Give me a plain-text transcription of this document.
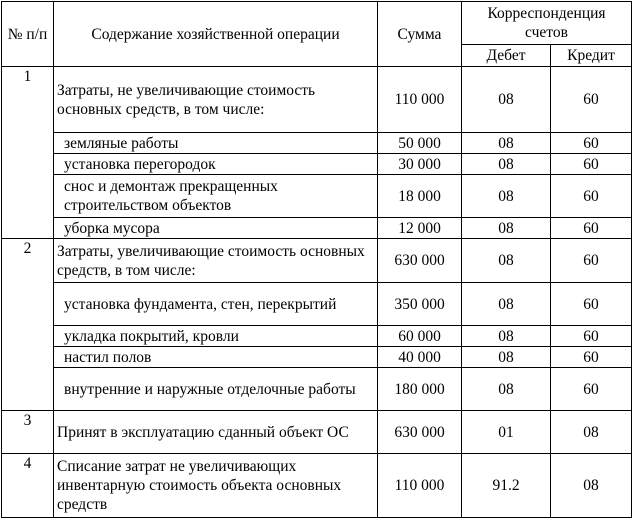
№ п/п	Содержание хозяйственной операции	Сумма	Корреспонденция счетов	
			Дебет	Кредит
1	Затраты, не увеличивающие стоимость основных средств, в том числе:	110 000	08	60
	земляные работы	50 000	08	60
	установка перегородок	30 000	08	60
	снос и демонтаж прекращенных строительством объектов	18 000	08	60
	уборка мусора	12 000	08	60
2	Затраты, увеличивающие стоимость основных средств, в том числе:	630 000	08	60
	установка фундамента, стен, перекрытий	350 000	08	60
	укладка покрытий, кровли	60 000	08	60
	настил полов	40 000	08	60
	внутренние и наружные отделочные работы	180 000	08	60
3	Принят в эксплуатацию сданный объект ОС	630 000	01	08
4	Списание затрат не увеличивающих инвентарную стоимость объекта основных средств	110 000	91.2	08
